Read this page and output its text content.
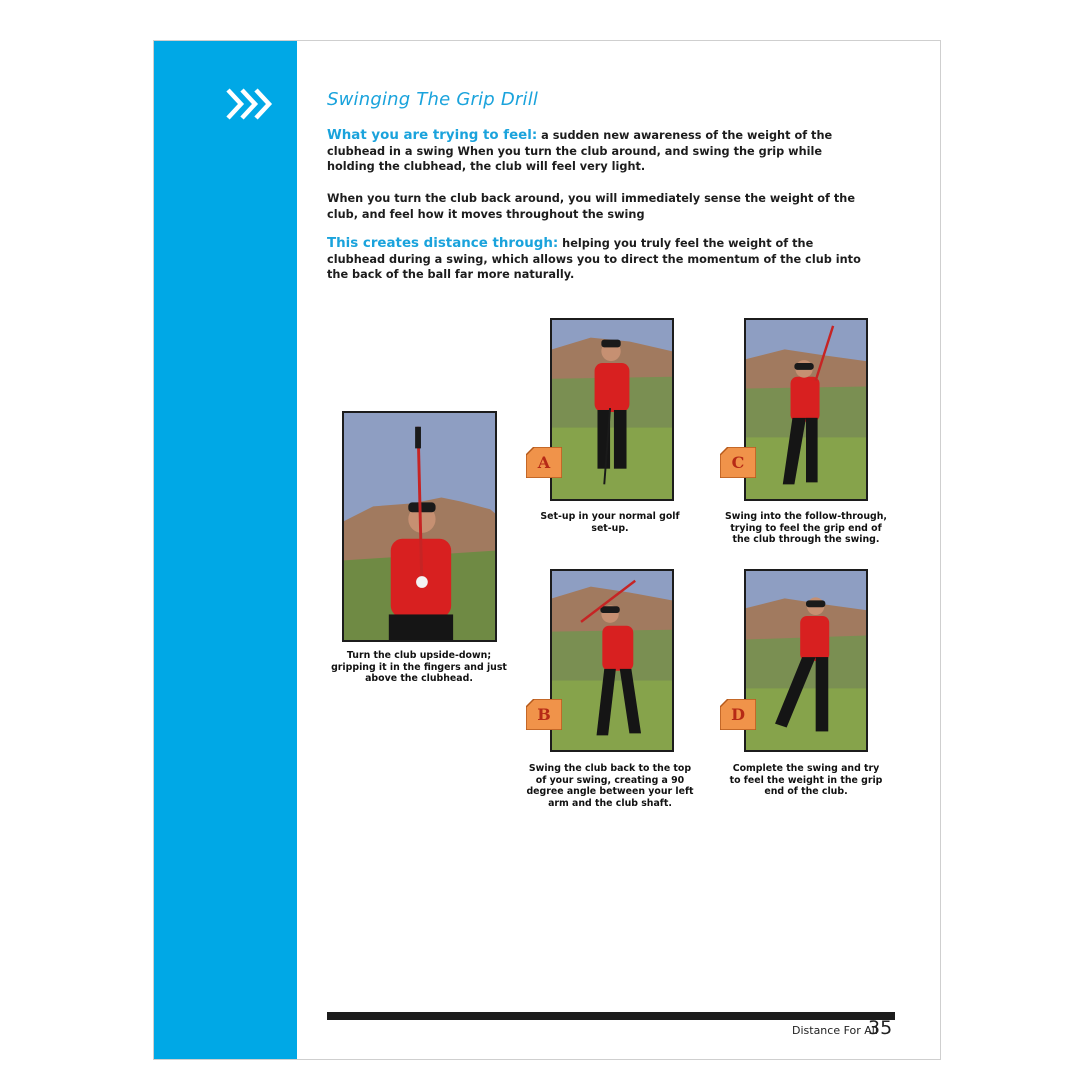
Swinging The Grip Drill
What you are trying to feel: a sudden new awareness of the weight of the clubhead in a swing When you turn the club around, and swing the grip while holding the clubhead, the club will feel very light.
When you turn the club back around, you will immediately sense the weight of the club, and feel how it moves throughout the swing
This creates distance through: helping you truly feel the weight of the clubhead during a swing, which allows you to direct the momentum of the club into the back of the ball far more naturally.
Turn the club upside-down; gripping it in the fingers and just above the clubhead.
A
Set-up in your normal golf set-up.
C
Swing into the follow-through, trying to feel the grip end of the club through the swing.
B
Swing the club back to the top of your swing, creating a 90 degree angle between your left arm and the club shaft.
D
Complete the swing and try to feel the weight in the grip end of the club.
Distance For All
35
